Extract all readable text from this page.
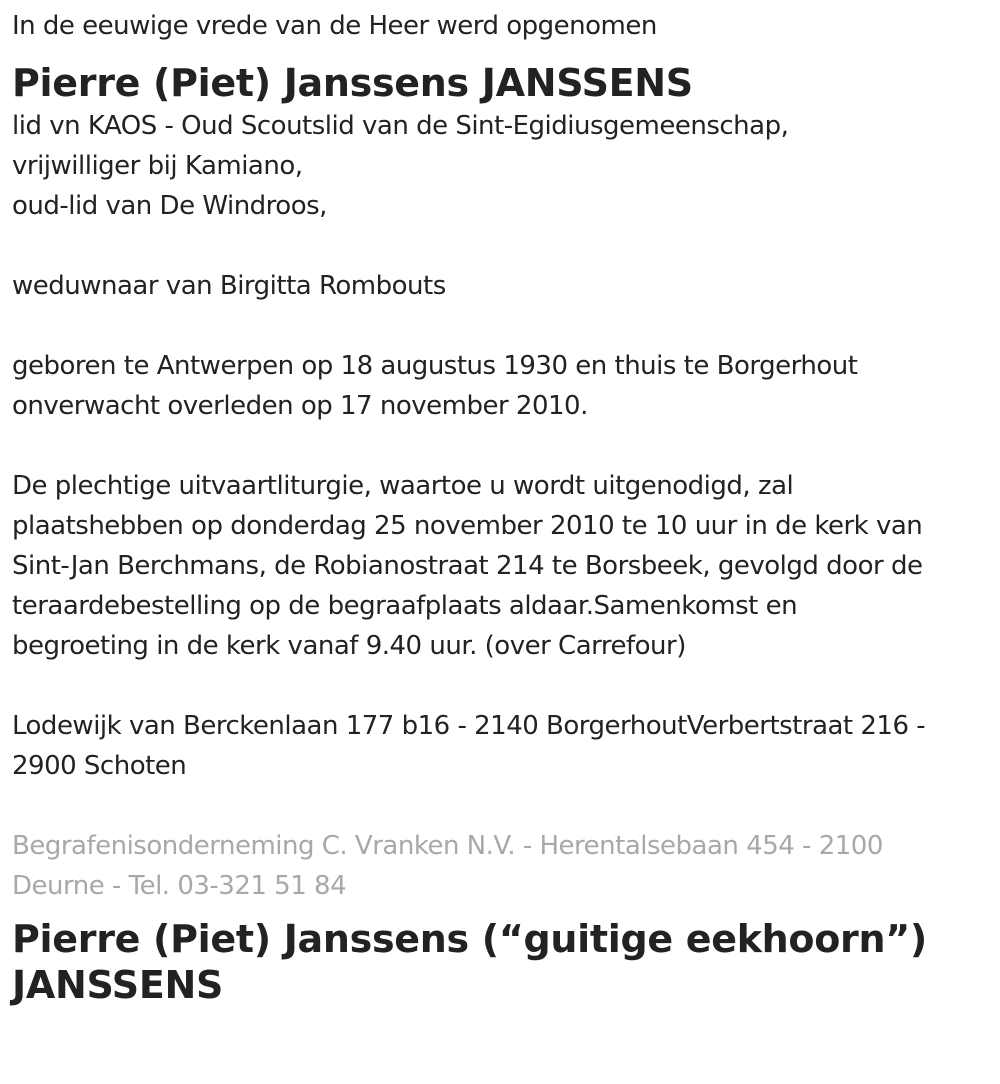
In de eeuwige vrede van de Heer werd opgenomen
Pierre (Piet) Janssens JANSSENS
lid vn KAOS - Oud Scoutslid van de Sint-Egidiusgemeenschap,
vrijwilliger bij Kamiano,
oud-lid van De Windroos,
weduwnaar van Birgitta Rombouts
geboren te Antwerpen op 18 augustus 1930 en thuis te Borgerhout
onverwacht overleden op 17 november 2010.
De plechtige uitvaartliturgie, waartoe u wordt uitgenodigd, zal
plaatshebben op donderdag 25 november 2010 te 10 uur in de kerk van
Sint-Jan Berchmans, de Robianostraat 214 te Borsbeek, gevolgd door de
teraardebestelling op de begraafplaats aldaar.Samenkomst en
begroeting in de kerk vanaf 9.40 uur. (over Carrefour)
Lodewijk van Berckenlaan 177 b16 - 2140 BorgerhoutVerbertstraat 216 -
2900 Schoten
Begrafenisonderneming C. Vranken N.V. - Herentalsebaan 454 - 2100
Deurne - Tel. 03-321 51 84
Pierre (Piet) Janssens (“guitige eekhoorn”)
JANSSENS
